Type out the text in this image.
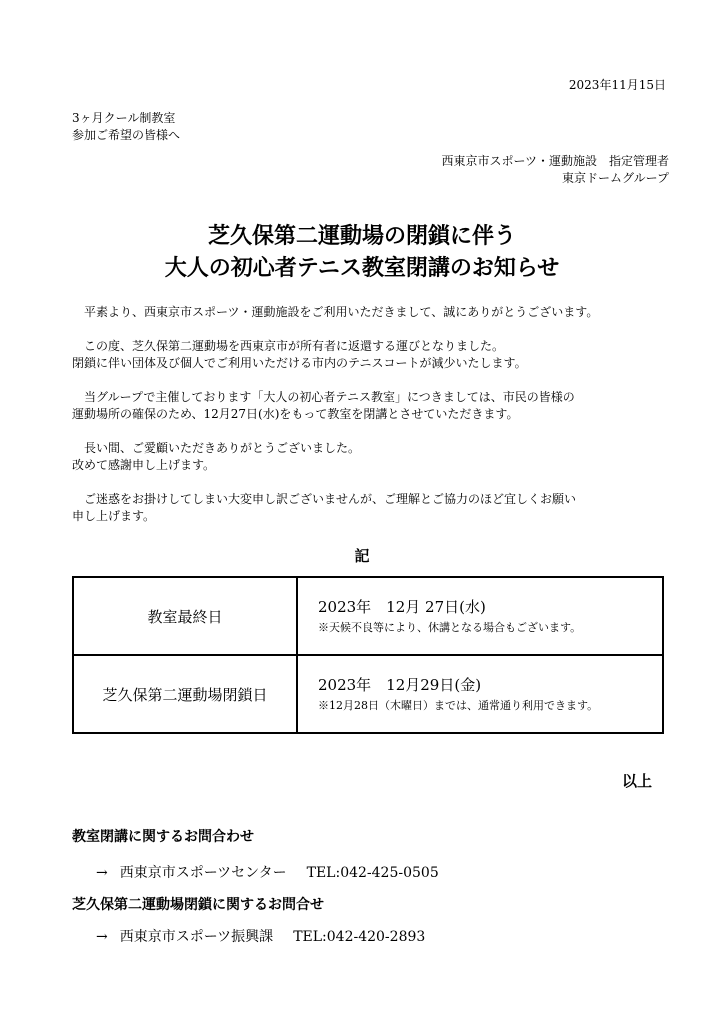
2023年11月15日
3ヶ月クール制教室
参加ご希望の皆様へ
西東京市スポーツ・運動施設　指定管理者
東京ドームグループ
芝久保第二運動場の閉鎖に伴う
大人の初心者テニス教室閉講のお知らせ

　平素より、西東京市スポーツ・運動施設をご利用いただきまして、誠にありがとうございます。

　この度、芝久保第二運動場を西東京市が所有者に返還する運びとなりました。
閉鎖に伴い団体及び個人でご利用いただける市内のテニスコートが減少いたします。

　当グループで主催しております「大人の初心者テニス教室」につきましては、市民の皆様の
運動場所の確保のため、12月27日(水)をもって教室を閉講とさせていただきます。

　長い間、ご愛顧いただきありがとうございました。
改めて感謝申し上げます。

　ご迷惑をお掛けしてしまい大変申し訳ございませんが、ご理解とご協力のほど宜しくお願い
申し上げます。

記
教室最終日	2023年　12月 27日(水)
※天候不良等により、休講となる場合もございます。

芝久保第二運動場閉鎖日	2023年　12月29日(金)
※12月28日（木曜日）までは、通常通り利用できます。
以上
教室閉講に関するお問合わせ
→ 西東京市スポーツセンター TEL:042-425-0505
芝久保第二運動場閉鎖に関するお問合せ
→ 西東京市スポーツ振興課 TEL:042-420-2893
